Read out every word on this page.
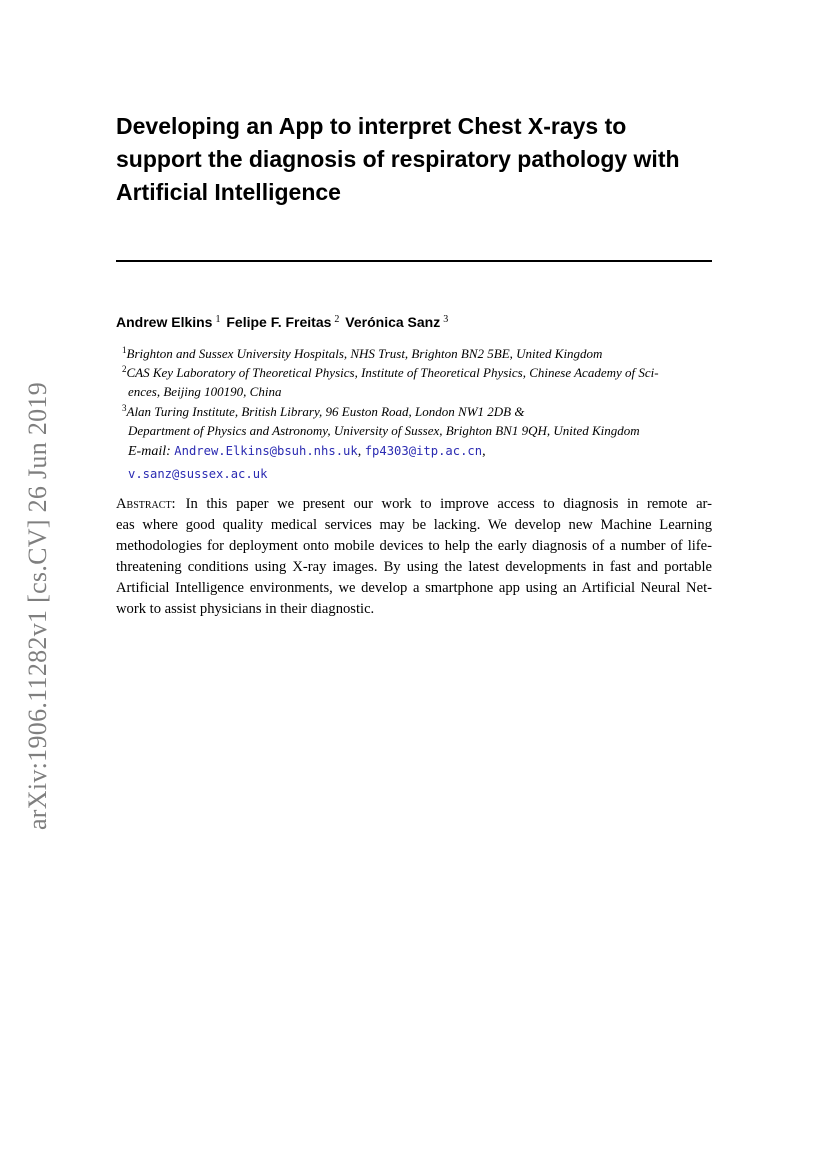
arXiv:1906.11282v1 [cs.CV] 26 Jun 2019
Developing an App to interpret Chest X-rays to
support the diagnosis of respiratory pathology with
Artificial Intelligence
Andrew Elkins $^1$ Felipe F. Freitas $^2$ Verónica Sanz $^3$
$^1$Brighton and Sussex University Hospitals, NHS Trust, Brighton BN2 5BE, United Kingdom
$^2$CAS Key Laboratory of Theoretical Physics, Institute of Theoretical Physics, Chinese Academy of Sci-
ences, Beijing 100190, China
$^3$Alan Turing Institute, British Library, 96 Euston Road, London NW1 2DB &
Department of Physics and Astronomy, University of Sussex, Brighton BN1 9QH, United Kingdom
E-mail: Andrew.Elkins@bsuh.nhs.uk, fp4303@itp.ac.cn,
v.sanz@sussex.ac.uk
Abstract: In this paper we present our work to improve access to diagnosis in remote ar-
eas where good quality medical services may be lacking. We develop new Machine Learning
methodologies for deployment onto mobile devices to help the early diagnosis of a number of life-
threatening conditions using X-ray images. By using the latest developments in fast and portable
Artificial Intelligence environments, we develop a smartphone app using an Artificial Neural Net-
work to assist physicians in their diagnostic.
